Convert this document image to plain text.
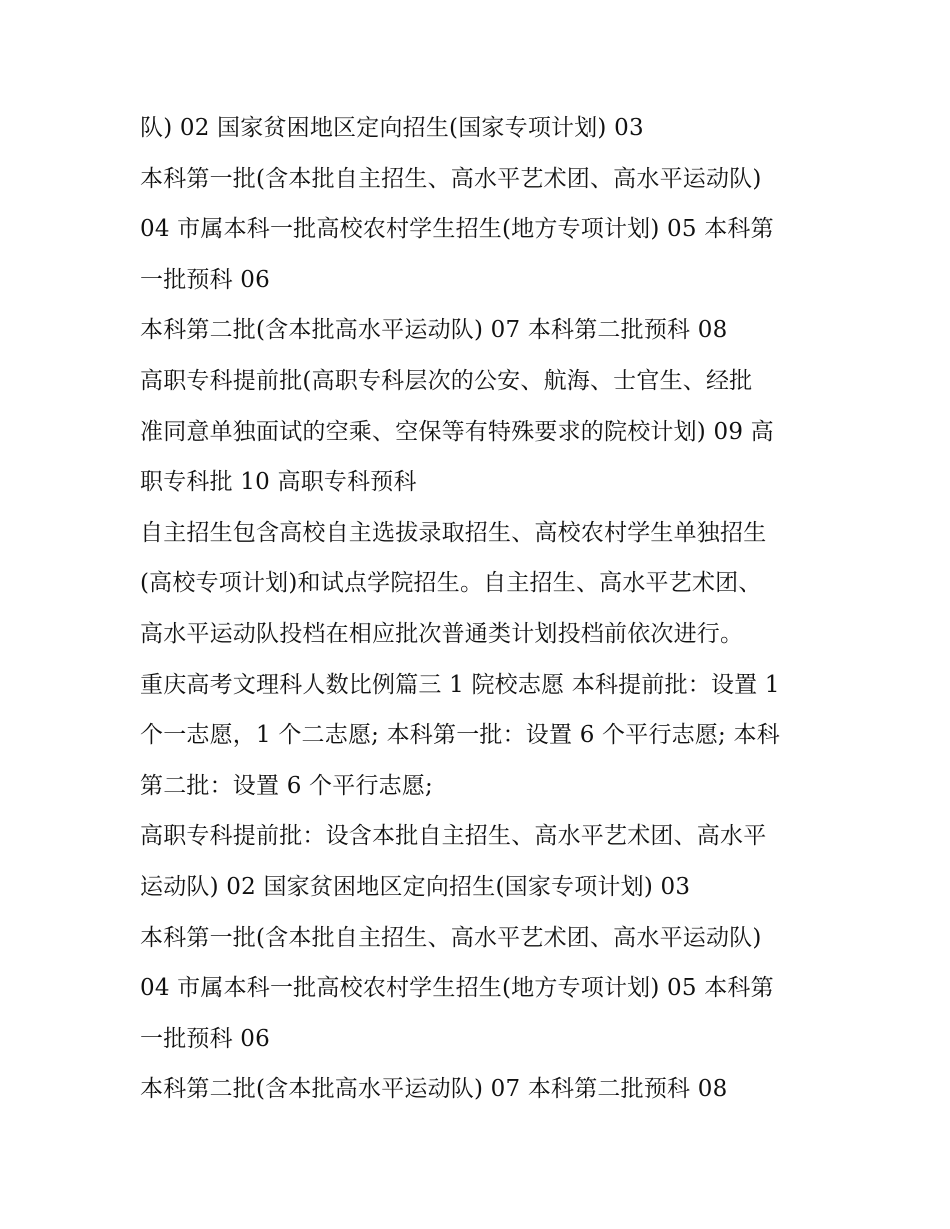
队) 02 国家贫困地区定向招生(国家专项计划) 03
本科第一批(含本批自主招生、高水平艺术团、高水平运动队)
04 市属本科一批高校农村学生招生(地方专项计划) 05 本科第
一批预科 06
本科第二批(含本批高水平运动队) 07 本科第二批预科 08
高职专科提前批(高职专科层次的公安、航海、士官生、经批
准同意单独面试的空乘、空保等有特殊要求的院校计划) 09 高
职专科批 10 高职专科预科
自主招生包含高校自主选拔录取招生、高校农村学生单独招生
(高校专项计划)和试点学院招生。自主招生、高水平艺术团、
高水平运动队投档在相应批次普通类计划投档前依次进行。
重庆高考文理科人数比例篇三 1 院校志愿 本科提前批：设置 1
个一志愿，1 个二志愿; 本科第一批：设置 6 个平行志愿; 本科
第二批：设置 6 个平行志愿;
高职专科提前批：设含本批自主招生、高水平艺术团、高水平
运动队) 02 国家贫困地区定向招生(国家专项计划) 03
本科第一批(含本批自主招生、高水平艺术团、高水平运动队)
04 市属本科一批高校农村学生招生(地方专项计划) 05 本科第
一批预科 06
本科第二批(含本批高水平运动队) 07 本科第二批预科 08
